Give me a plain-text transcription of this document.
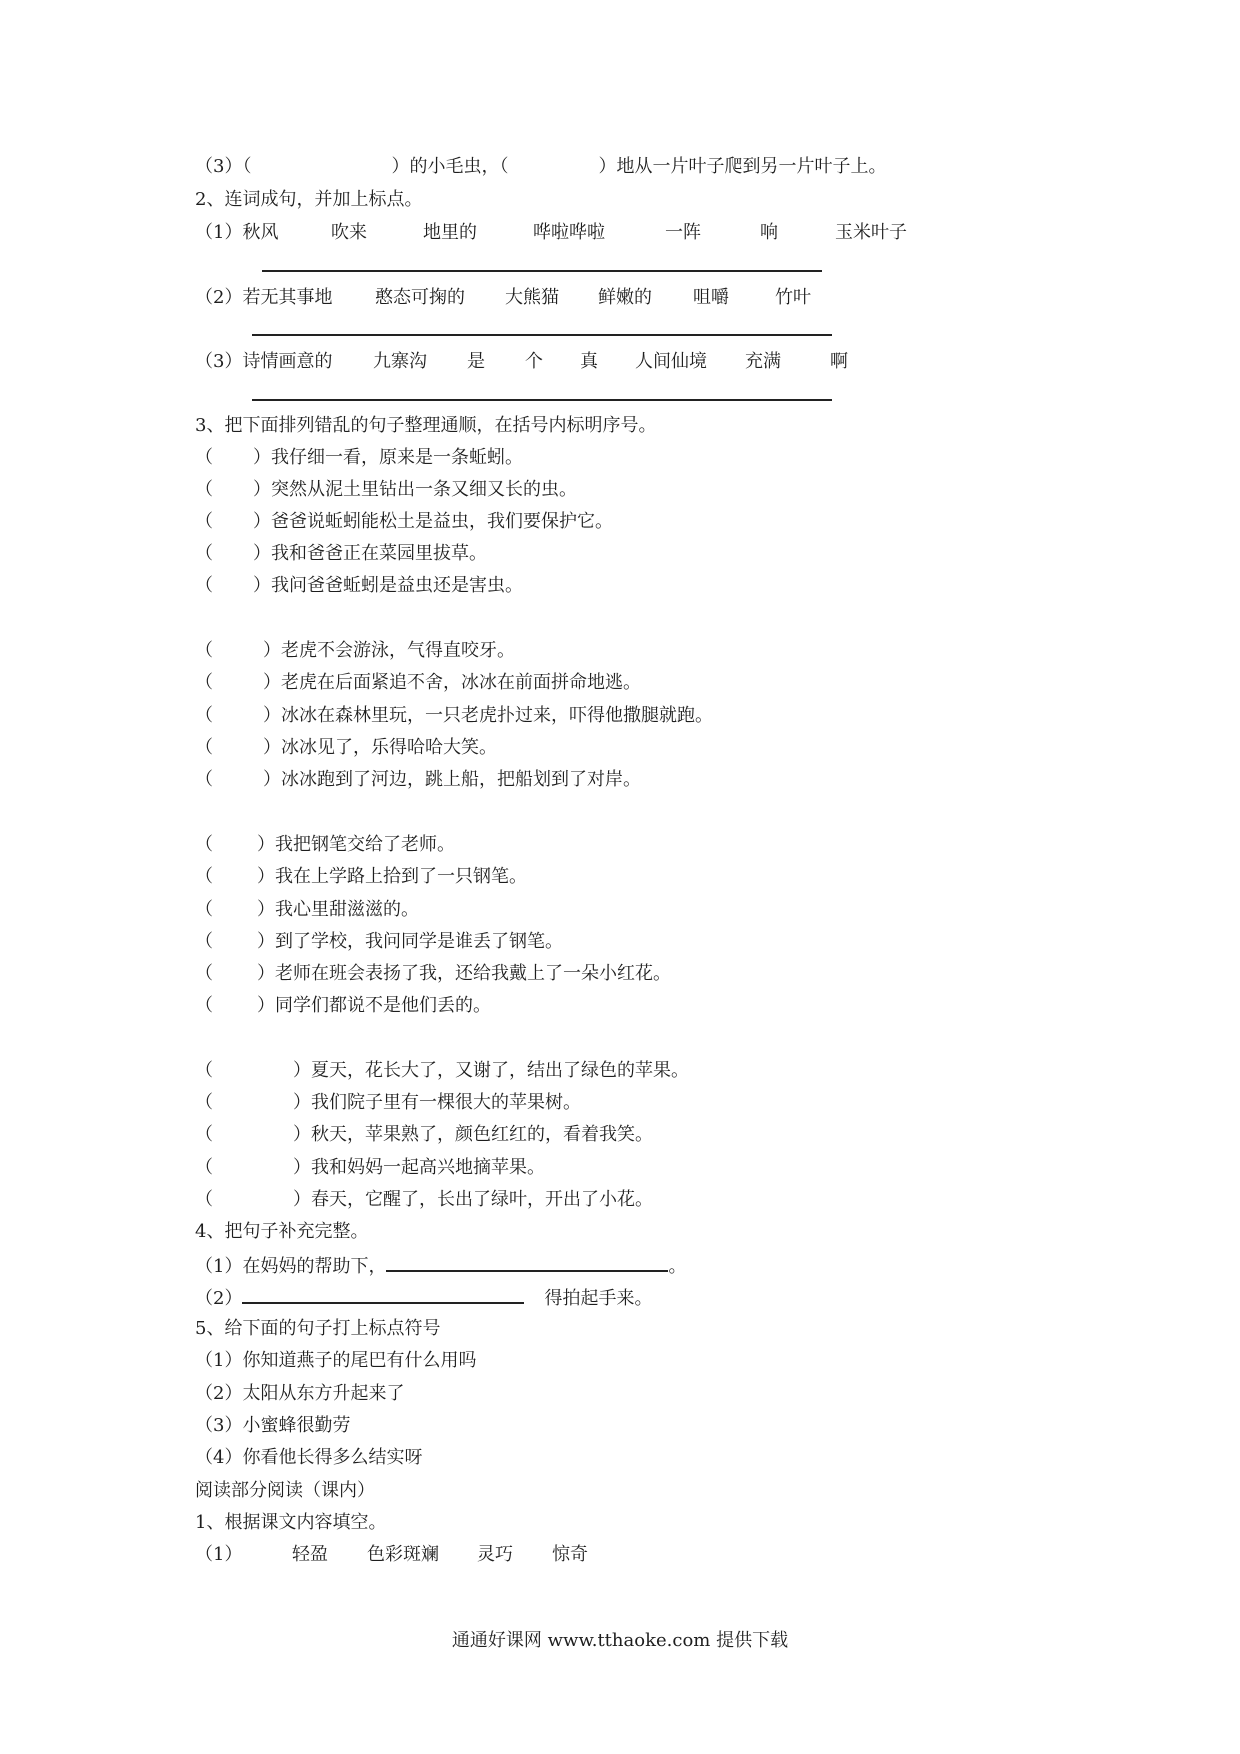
（3）（	）的小毛虫，（	）地从一片叶子爬到另一片叶子上。
2、连词成句，并加上标点。
（1）秋风	吹来	地里的	哗啦哗啦	一阵	响	玉米叶子
（2）若无其事地 憨态可掬的 大熊猫 鲜嫩的 咀嚼	竹叶
（3）诗情画意的 九寨沟 是 个 真 人间仙境 充满	啊
3、把下面排列错乱的句子整理通顺，在括号内标明序号。
（ ）我仔细一看，原来是一条蚯蚓。
（ ）突然从泥土里钻出一条又细又长的虫。
（ ）爸爸说蚯蚓能松土是益虫，我们要保护它。
（ ）我和爸爸正在菜园里拔草。
（ ）我问爸爸蚯蚓是益虫还是害虫。
（	）老虎不会游泳，气得直咬牙。
（	）老虎在后面紧追不舍，冰冰在前面拼命地逃。
（	）冰冰在森林里玩，一只老虎扑过来，吓得他撒腿就跑。
（	）冰冰见了，乐得哈哈大笑。
（	）冰冰跑到了河边，跳上船，把船划到了对岸。
（ ）我把钢笔交给了老师。
（ ）我在上学路上拾到了一只钢笔。
（ ）我心里甜滋滋的。
（ ）到了学校，我问同学是谁丢了钢笔。
（ ）老师在班会表扬了我，还给我戴上了一朵小红花。
（ ）同学们都说不是他们丢的。
（	）夏天，花长大了，又谢了，结出了绿色的苹果。
（	）我们院子里有一棵很大的苹果树。
（	）秋天，苹果熟了，颜色红红的，看着我笑。
（	）我和妈妈一起高兴地摘苹果。
（	）春天，它醒了，长出了绿叶，开出了小花。
4、把句子补充完整。
（1）在妈妈的帮助下，	。
（2）	得拍起手来。
5、给下面的句子打上标点符号
（1）你知道燕子的尾巴有什么用吗
（2）太阳从东方升起来了
（3）小蜜蜂很勤劳
（4）你看他长得多么结实呀
阅读部分阅读（课内）
1、根据课文内容填空。
（1）	轻盈 色彩斑斓 灵巧 惊奇
通通好课网 www.tthaoke.com 提供下载
